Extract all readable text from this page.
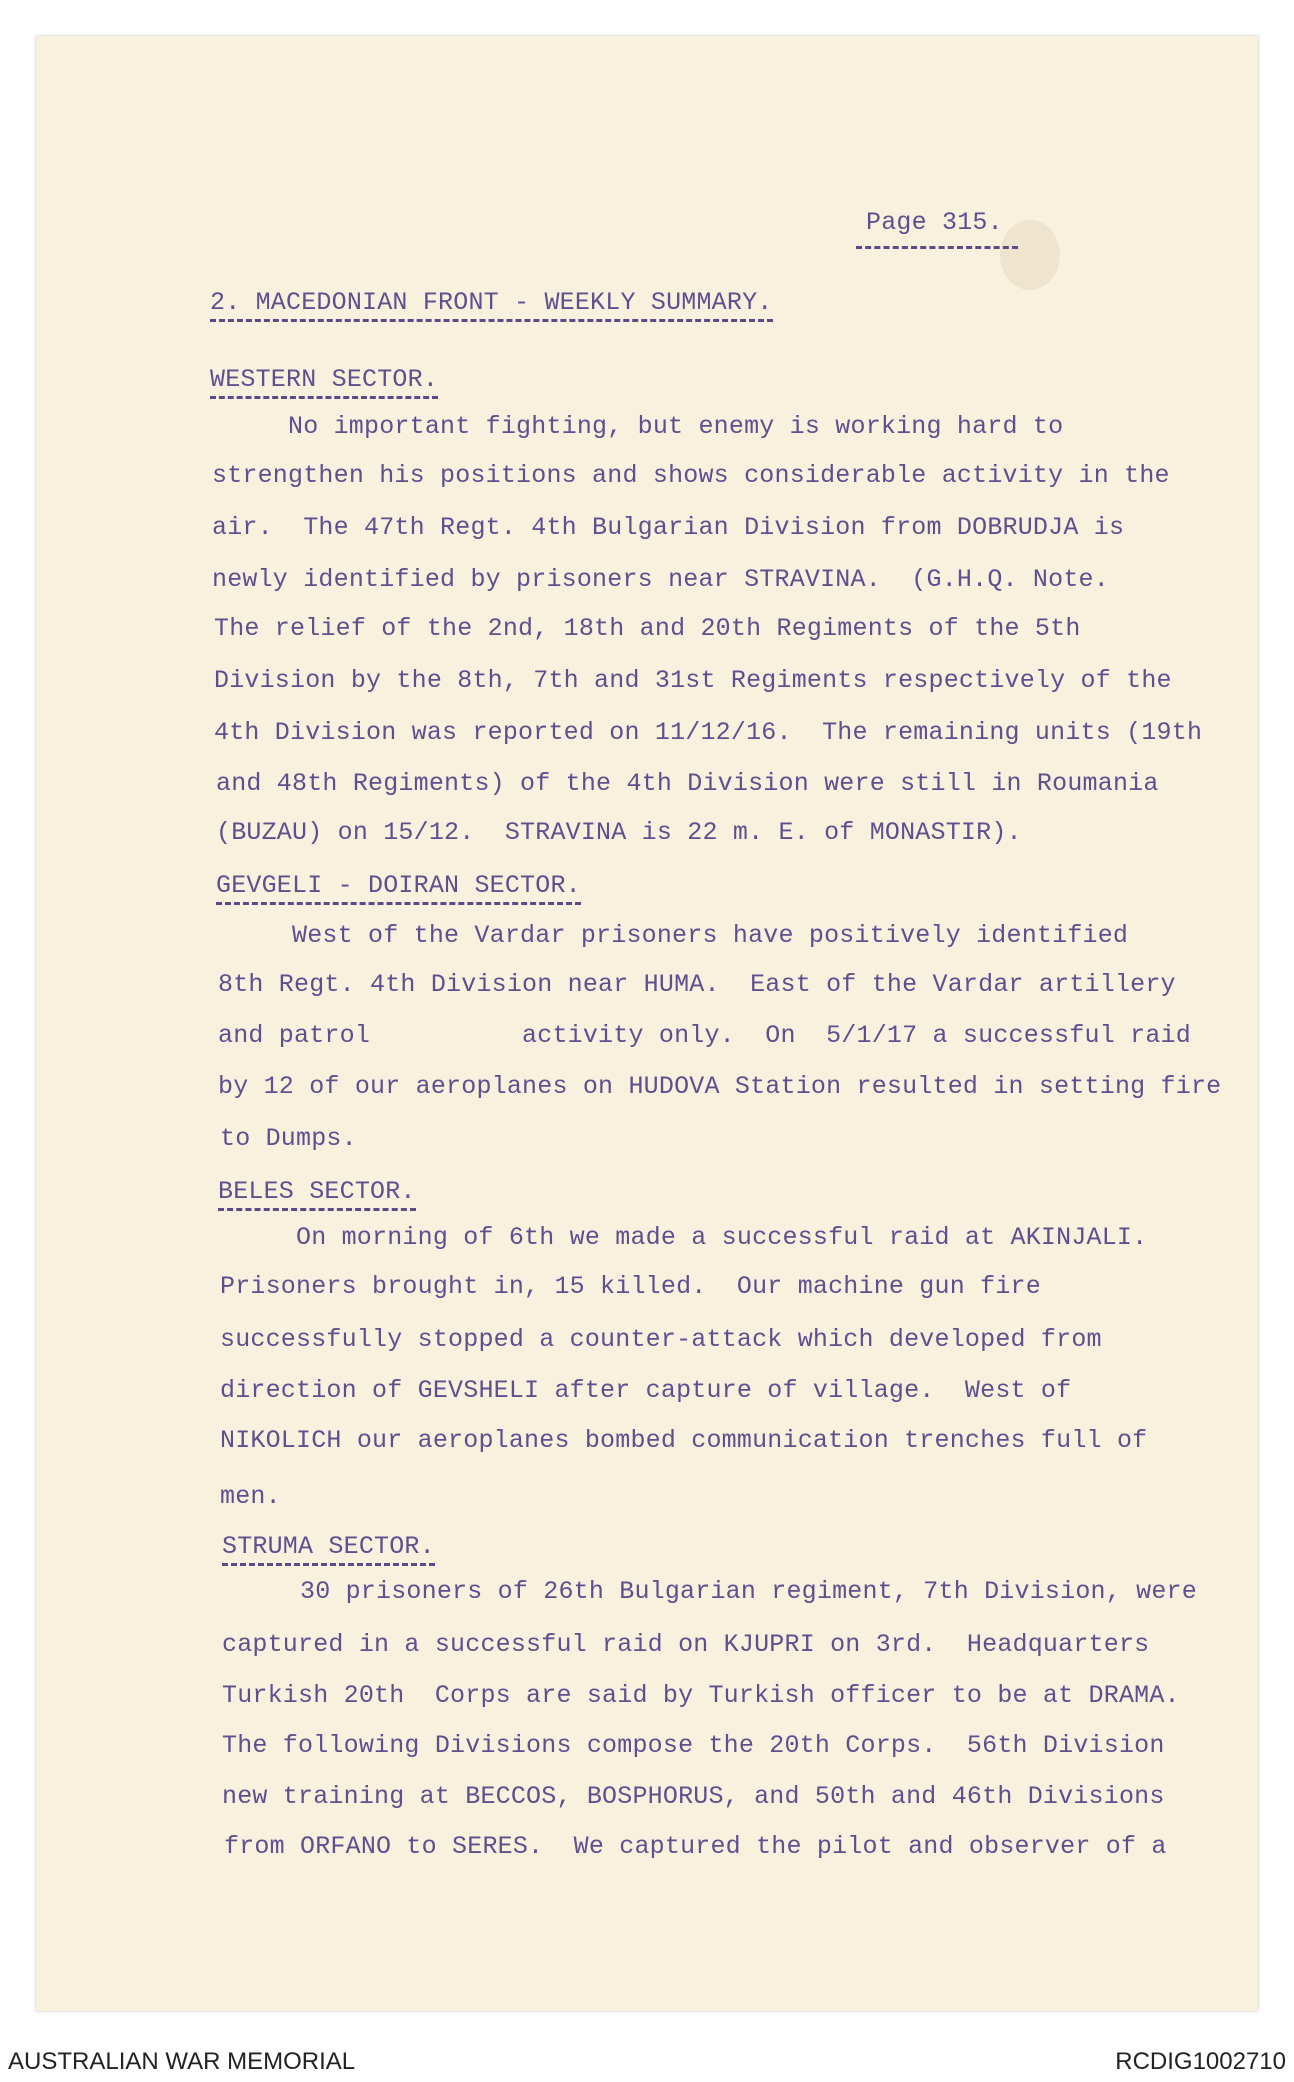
Page 315.
2. MACEDONIAN FRONT - WEEKLY SUMMARY.
WESTERN SECTOR.
No important fighting, but enemy is working hard to
strengthen his positions and shows considerable activity in the
air.  The 47th Regt. 4th Bulgarian Division from DOBRUDJA is
newly identified by prisoners near STRAVINA.  (G.H.Q. Note.
The relief of the 2nd, 18th and 20th Regiments of the 5th
Division by the 8th, 7th and 31st Regiments respectively of the
4th Division was reported on 11/12/16.  The remaining units (19th
and 48th Regiments) of the 4th Division were still in Roumania
(BUZAU) on 15/12.  STRAVINA is 22 m. E. of MONASTIR).
GEVGELI - DOIRAN SECTOR.
West of the Vardar prisoners have positively identified
8th Regt. 4th Division near HUMA.  East of the Vardar artillery
and patrol          activity only.  On  5/1/17 a successful raid
by 12 of our aeroplanes on HUDOVA Station resulted in setting fire
to Dumps.
BELES SECTOR.
On morning of 6th we made a successful raid at AKINJALI.
Prisoners brought in, 15 killed.  Our machine gun fire
successfully stopped a counter-attack which developed from
direction of GEVSHELI after capture of village.  West of
NIKOLICH our aeroplanes bombed communication trenches full of
men.
STRUMA SECTOR.
30 prisoners of 26th Bulgarian regiment, 7th Division, were
captured in a successful raid on KJUPRI on 3rd.  Headquarters
Turkish 20th  Corps are said by Turkish officer to be at DRAMA.
The following Divisions compose the 20th Corps.  56th Division
new training at BECCOS, BOSPHORUS, and 50th and 46th Divisions
from ORFANO to SERES.  We captured the pilot and observer of a
AUSTRALIAN WAR MEMORIAL	RCDIG1002710
